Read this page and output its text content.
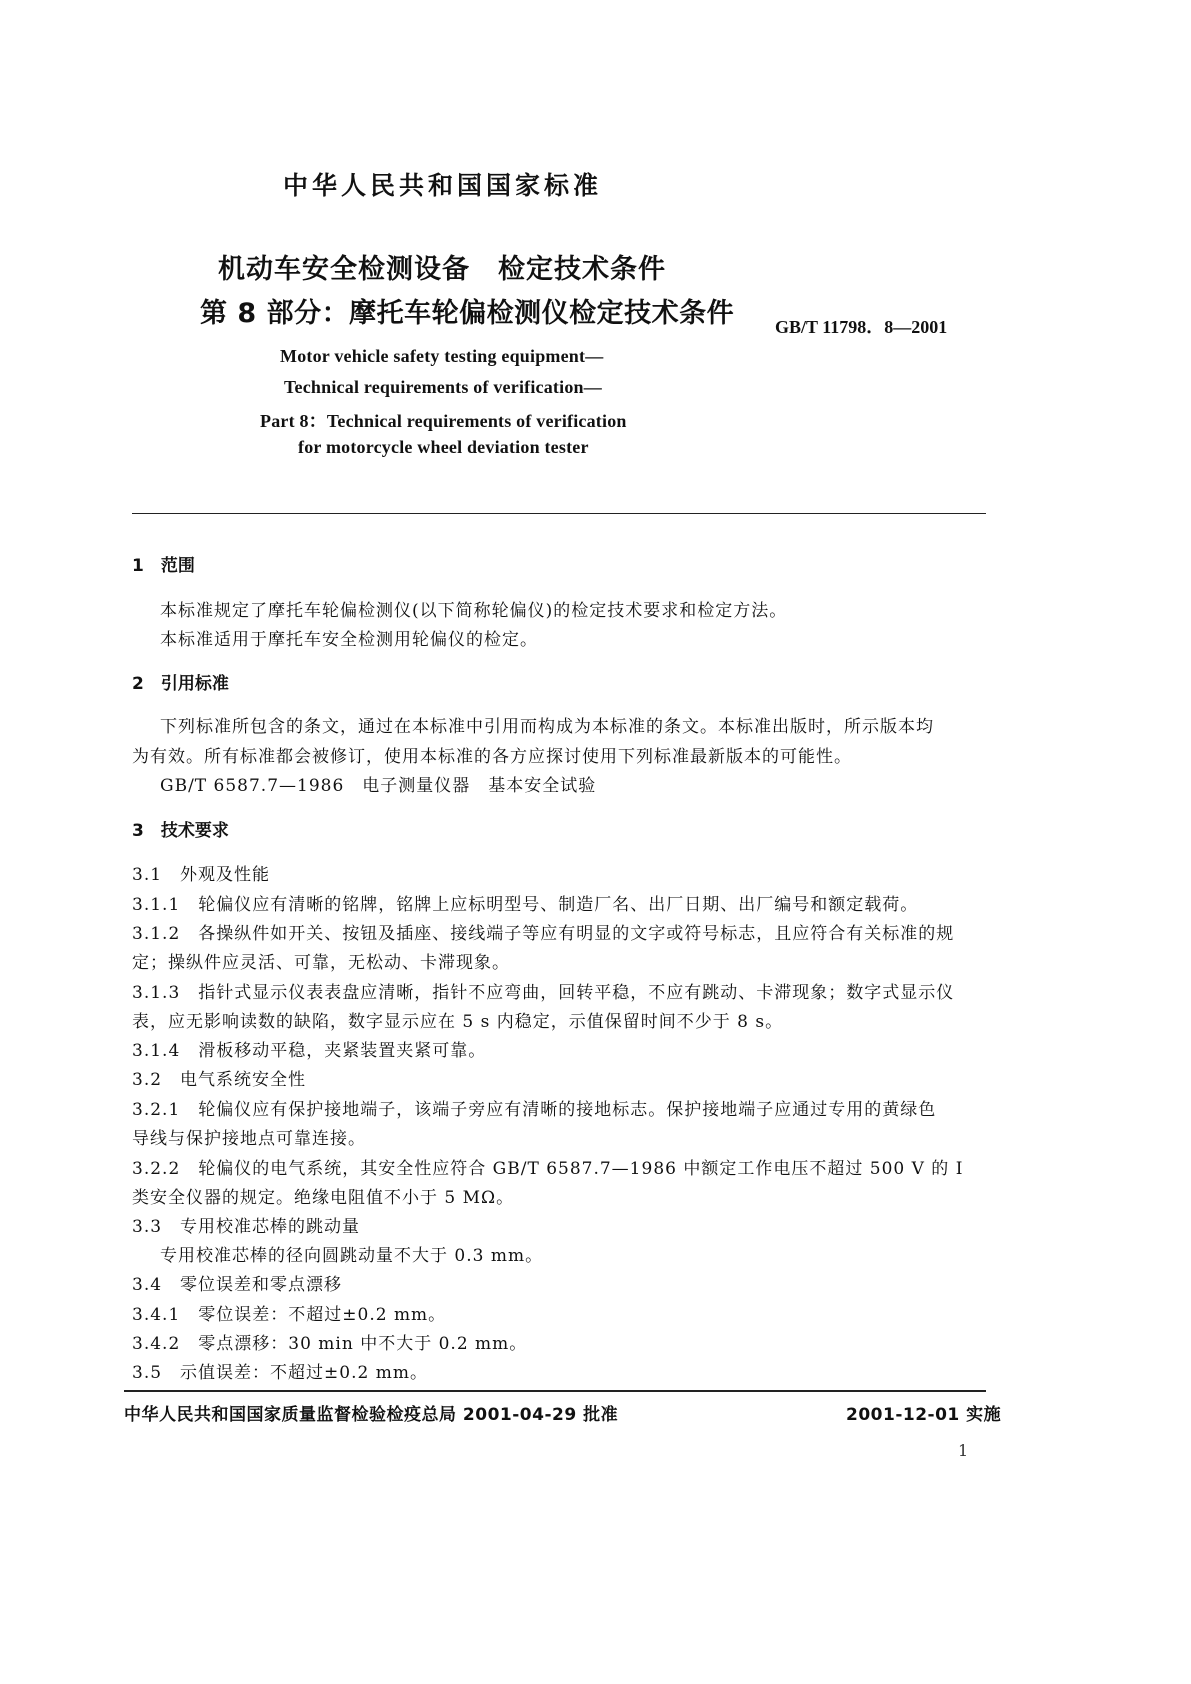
中华人民共和国国家标准
机动车安全检测设备　检定技术条件
第 8 部分：摩托车轮偏检测仪检定技术条件 GB/T 11798．8—2001
Motor vehicle safety testing equipment—
Technical requirements of verification—
Part 8：Technical requirements of verification
for motorcycle wheel deviation tester
1　范围
本标准规定了摩托车轮偏检测仪(以下简称轮偏仪)的检定技术要求和检定方法。
本标准适用于摩托车安全检测用轮偏仪的检定。
2　引用标准
下列标准所包含的条文，通过在本标准中引用而构成为本标准的条文。本标准出版时，所示版本均
为有效。所有标准都会被修订，使用本标准的各方应探讨使用下列标准最新版本的可能性。
GB/T 6587.7—1986　电子测量仪器　基本安全试验
3　技术要求
3.1　外观及性能
3.1.1　轮偏仪应有清晰的铭牌，铭牌上应标明型号、制造厂名、出厂日期、出厂编号和额定载荷。
3.1.2　各操纵件如开关、按钮及插座、接线端子等应有明显的文字或符号标志，且应符合有关标准的规
定；操纵件应灵活、可靠，无松动、卡滞现象。
3.1.3　指针式显示仪表表盘应清晰，指针不应弯曲，回转平稳，不应有跳动、卡滞现象；数字式显示仪
表，应无影响读数的缺陷，数字显示应在 5 s 内稳定，示值保留时间不少于 8 s。
3.1.4　滑板移动平稳，夹紧装置夹紧可靠。
3.2　电气系统安全性
3.2.1　轮偏仪应有保护接地端子，该端子旁应有清晰的接地标志。保护接地端子应通过专用的黄绿色
导线与保护接地点可靠连接。
3.2.2　轮偏仪的电气系统，其安全性应符合 GB/T 6587.7—1986 中额定工作电压不超过 500 V 的 I
类安全仪器的规定。绝缘电阻值不小于 5 MΩ。
3.3　专用校准芯棒的跳动量
专用校准芯棒的径向圆跳动量不大于 0.3 mm。
3.4　零位误差和零点漂移
3.4.1　零位误差：不超过±0.2 mm。
3.4.2　零点漂移：30 min 中不大于 0.2 mm。
3.5　示值误差：不超过±0.2 mm。
中华人民共和国国家质量监督检验检疫总局 2001-04-29 批准	2001-12-01 实施
1
